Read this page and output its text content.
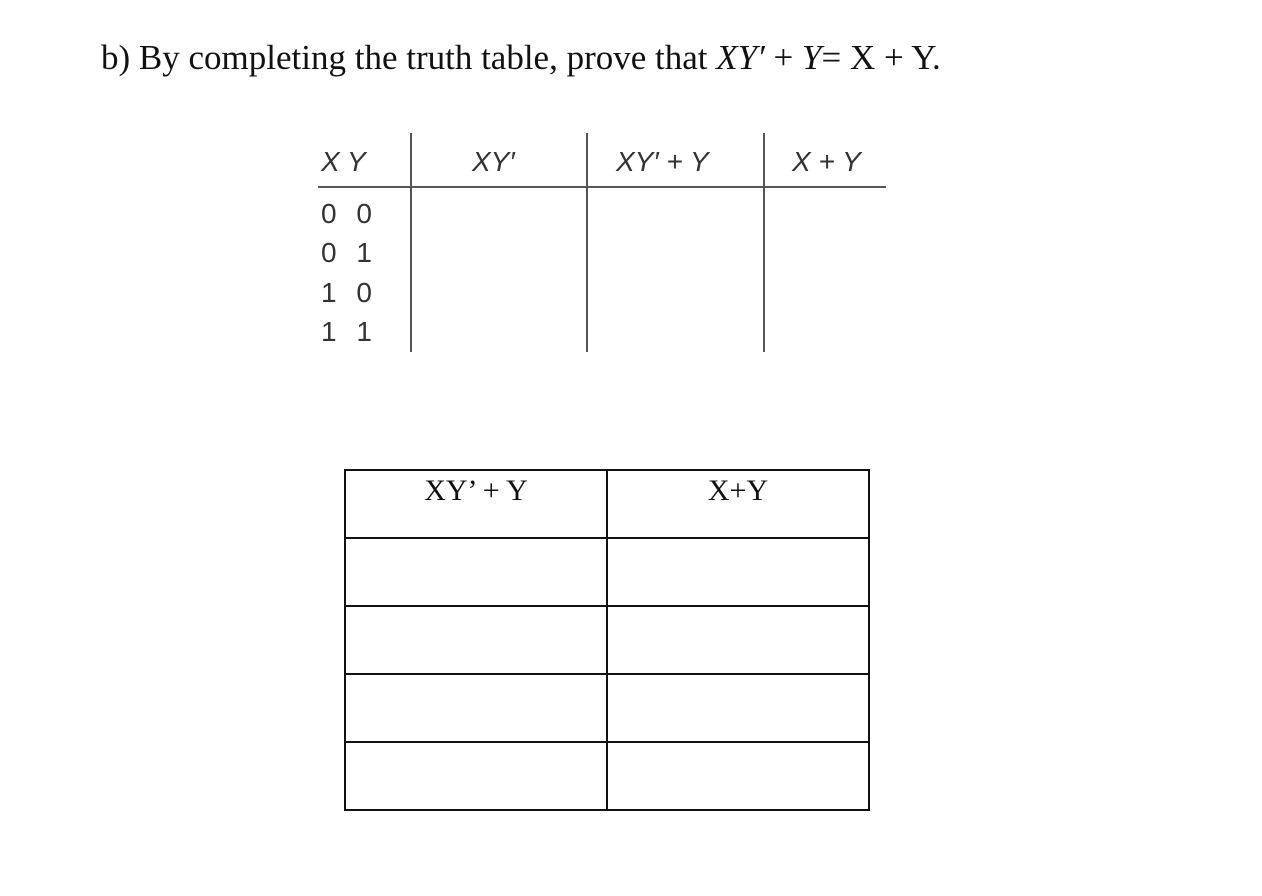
b) By completing the truth table, prove that XY′ + Y= X + Y.
X Y	XY′	XY′ + Y	X + Y
0 0
0 1
1 0
1 1
XY’ + Y	X+Y
